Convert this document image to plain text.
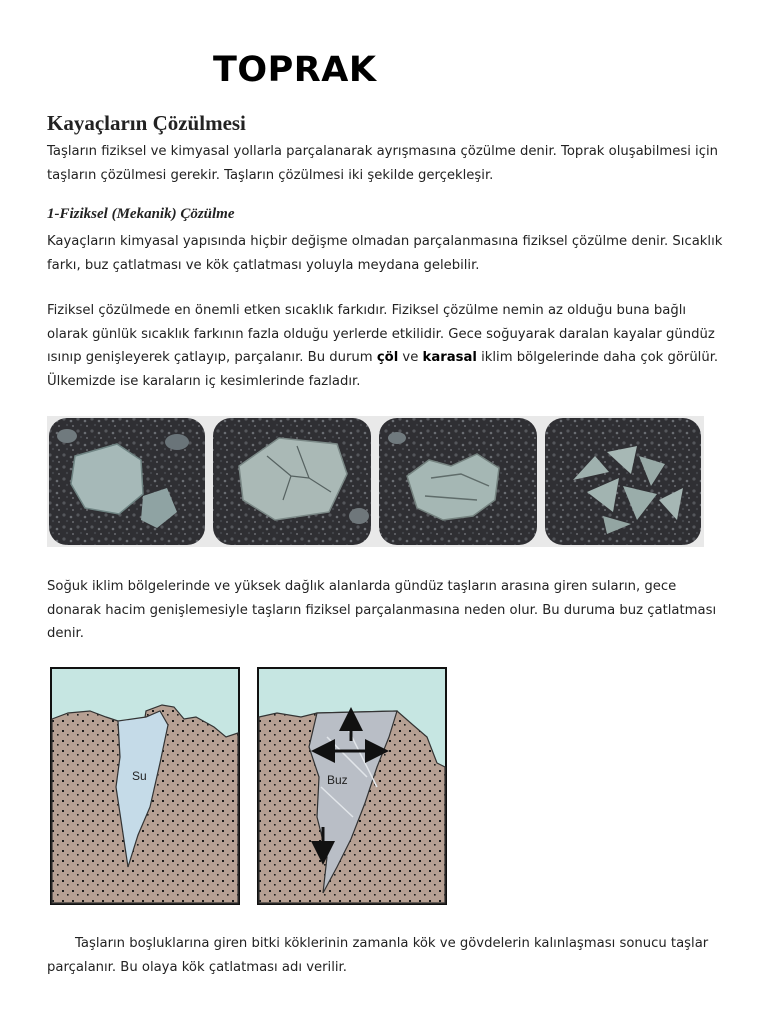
TOPRAK
Kayaçların Çözülmesi

Taşların fiziksel ve kimyasal yollarla parçalanarak ayrışmasına çözülme denir. Toprak oluşabilmesi için taşların çözülmesi gerekir. Taşların çözülmesi iki şekilde gerçekleşir.

1-Fiziksel (Mekanik) Çözülme

Kayaçların kimyasal yapısında hiçbir değişme olmadan parçalanmasına fiziksel çözülme denir. Sıcaklık farkı, buz çatlatması ve kök çatlatması yoluyla meydana gelebilir.

Fiziksel çözülmede en önemli etken sıcaklık farkıdır. Fiziksel çözülme nemin az olduğu buna bağlı olarak günlük sıcaklık farkının fazla olduğu yerlerde etkilidir. Gece soğuyarak daralan kayalar gündüz ısınıp genişleyerek çatlayıp, parçalanır. Bu durum çöl ve karasal iklim bölgelerinde daha çok görülür. Ülkemizde ise karaların iç kesimlerinde fazladır.

Soğuk iklim bölgelerinde ve yüksek dağlık alanlarda gündüz taşların arasına giren suların, gece donarak hacim genişlemesiyle taşların fiziksel parçalanmasına neden olur. Bu duruma buz çatlatması denir.

Su	Buz

Taşların boşluklarına giren bitki köklerinin zamanla kök ve gövdelerin kalınlaşması sonucu taşlar parçalanır. Bu olaya kök çatlatması adı verilir.
